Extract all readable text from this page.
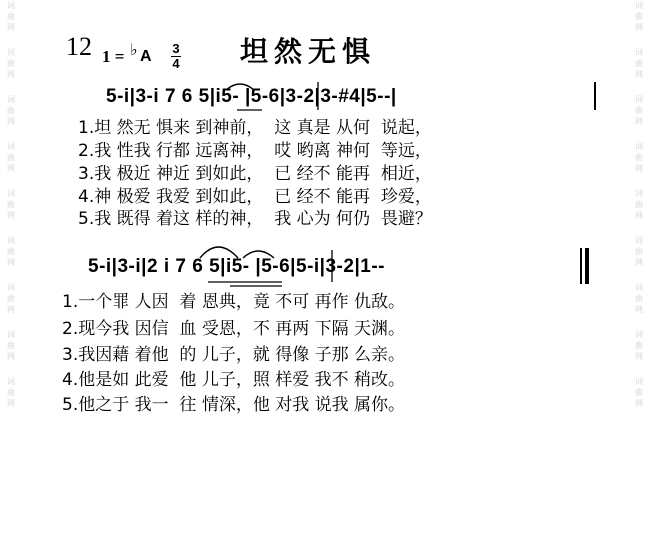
词
曲
网
词
曲
网
词
曲
网
词
曲
网
词
曲
网
词
曲
网
词
曲
网
词
曲
网
词
曲
网
词
曲
网
词
曲
网
词
曲
网
词
曲
网
词
曲
网
词
曲
网
词
曲
网
词
曲
网
词
曲
网
12 1 = ♭ A 3
4 坦然无惧
5-i|3-i 7 6 5|i5- |5-6|3-2|3-#4|5--|
1.坦 然无 惧来 到神前，  这 真是 从何  说起，
2.我 性我 行都 远离神，  哎 哟离 神何  等远，
3.我 极近 神近 到如此，  已 经不 能再  相近，
4.神 极爱 我爱 到如此，  已 经不 能再  珍爱，
5.我 既得 着这 样的神，  我 心为 何仍  畏避？
5-i|3-i|2 i 7 6 5|i5- |5-6|5-i|3-2|1--
1.一个罪 人因  着 恩典，竟 不可 再作 仇敌。
2.现今我 因信  血 受恩，不 再两 下隔 天渊。
3.我因藉 着他  的 儿子，就 得像 子那 么亲。
4.他是如 此爱  他 儿子，照 样爱 我不 稍改。
5.他之于 我一  往 情深，他 对我 说我 属你。
